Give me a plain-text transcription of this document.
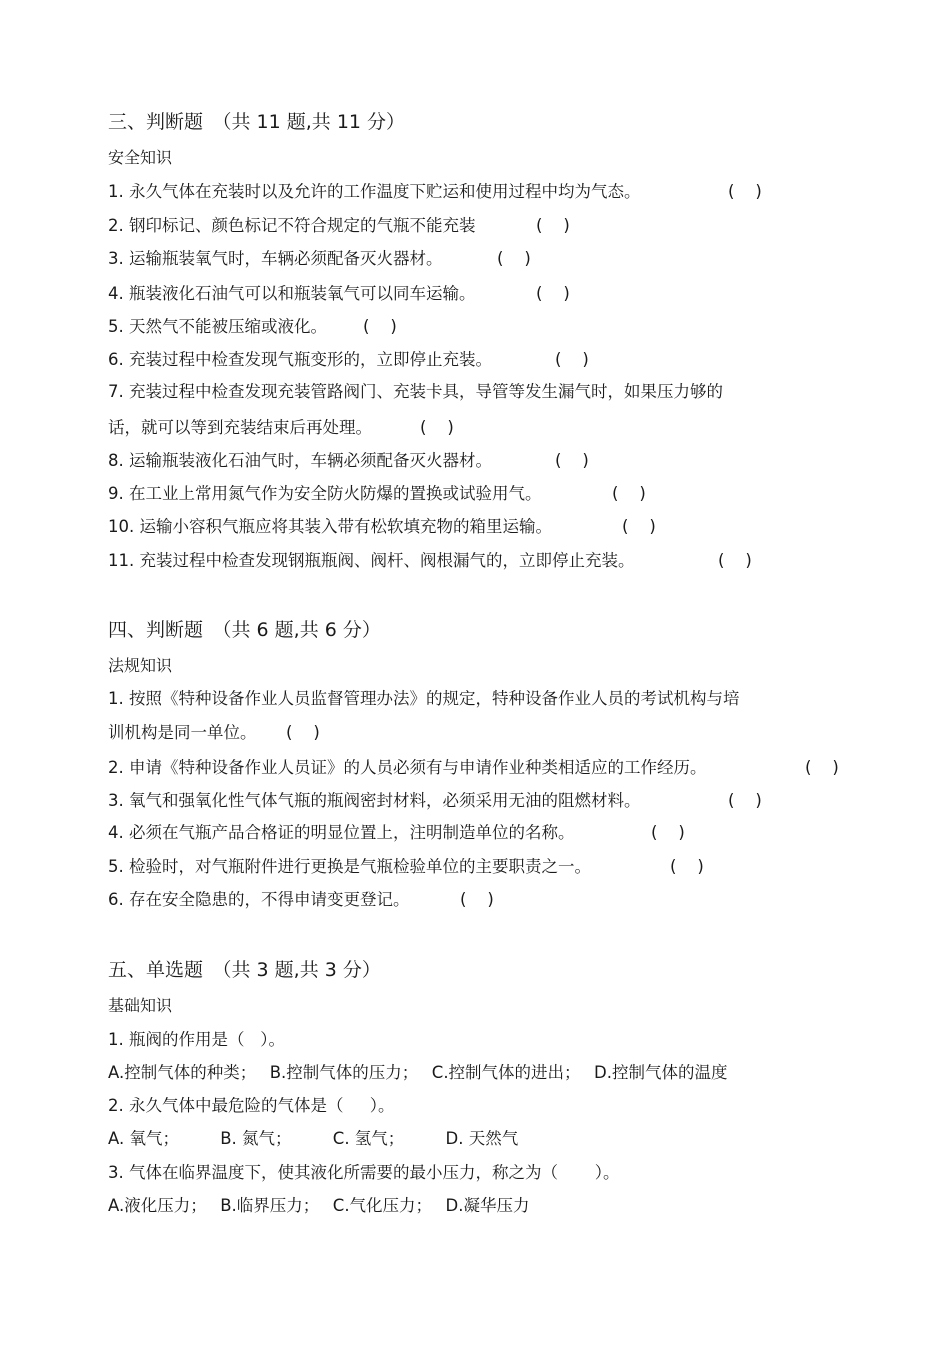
三、判断题　（共 11 题,共 11 分）
安全知识
1. 永久气体在充装时以及允许的工作温度下贮运和使用过程中均为气态。	(    )
2. 钢印标记、颜色标记不符合规定的气瓶不能充装	(    )
3. 运输瓶装氧气时，车辆必须配备灭火器材。	(    )
4. 瓶装液化石油气可以和瓶装氧气可以同车运输。	(    )
5. 天然气不能被压缩或液化。 (    )
6. 充装过程中检查发现气瓶变形的，立即停止充装。	(    )
7. 充装过程中检查发现充装管路阀门、充装卡具，导管等发生漏气时，如果压力够的
话，就可以等到充装结束后再处理。	(    )
8. 运输瓶装液化石油气时，车辆必须配备灭火器材。	(    )
9. 在工业上常用氮气作为安全防火防爆的置换或试验用气。	(    )
10. 运输小容积气瓶应将其装入带有松软填充物的箱里运输。	(    )
11. 充装过程中检查发现钢瓶瓶阀、阀杆、阀根漏气的，立即停止充装。	(    )
四、判断题　（共 6 题,共 6 分）
法规知识
1. 按照《特种设备作业人员监督管理办法》的规定，特种设备作业人员的考试机构与培
训机构是同一单位。 (    )
2. 申请《特种设备作业人员证》的人员必须有与申请作业种类相适应的工作经历。	(    )
3. 氧气和强氧化性气体气瓶的瓶阀密封材料，必须采用无油的阻燃材料。	(    )
4. 必须在气瓶产品合格证的明显位置上，注明制造单位的名称。	(    )
5. 检验时，对气瓶附件进行更换是气瓶检验单位的主要职责之一。	(    )
6. 存在安全隐患的，不得申请变更登记。	(    )
五、单选题　（共 3 题,共 3 分）
基础知识
1. 瓶阀的作用是（   ）。
A.控制气体的种类；　 B.控制气体的压力；　 C.控制气体的进出；　 D.控制气体的温度
2. 永久气体中最危险的气体是（     ）。
A. 氧气；　　　B. 氮气；　　　C. 氢气；　　　D. 天然气
3. 气体在临界温度下，使其液化所需要的最小压力，称之为（       ）。
A.液化压力；　 B.临界压力；　 C.气化压力；　 D.凝华压力
